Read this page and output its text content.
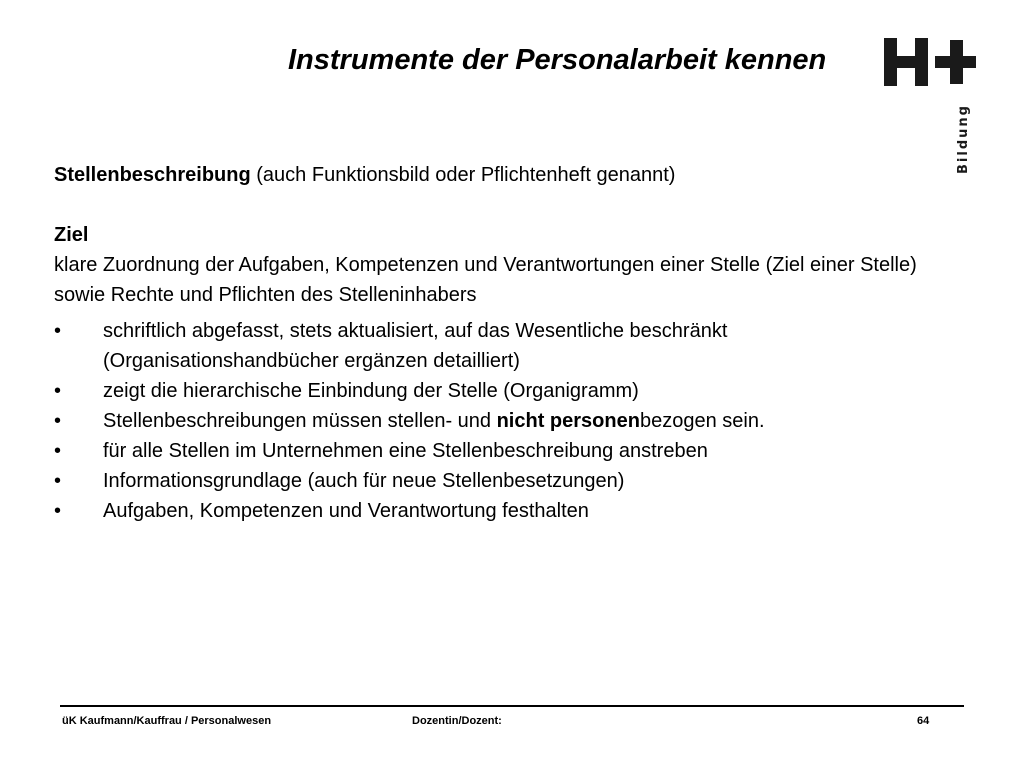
Instrumente der Personalarbeit kennen
Bildung

Stellenbeschreibung (auch Funktionsbild oder Pflichtenheft genannt)

Ziel

klare Zuordnung der Aufgaben, Kompetenzen und Verantwortungen einer Stelle (Ziel einer Stelle) sowie Rechte und Pflichten des Stelleninhabers

•	schriftlich abgefasst, stets aktualisiert, auf das Wesentliche beschränkt (Organisationshandbücher ergänzen detailliert)
•	zeigt die hierarchische Einbindung der Stelle (Organigramm)
•	Stellenbeschreibungen müssen stellen- und nicht personenbezogen sein.
•	für alle Stellen im Unternehmen eine Stellenbeschreibung anstreben
•	Informationsgrundlage (auch für neue Stellenbesetzungen)
•	Aufgaben, Kompetenzen und Verantwortung festhalten
üK Kaufmann/Kauffrau / Personalwesen	Dozentin/Dozent:	64
